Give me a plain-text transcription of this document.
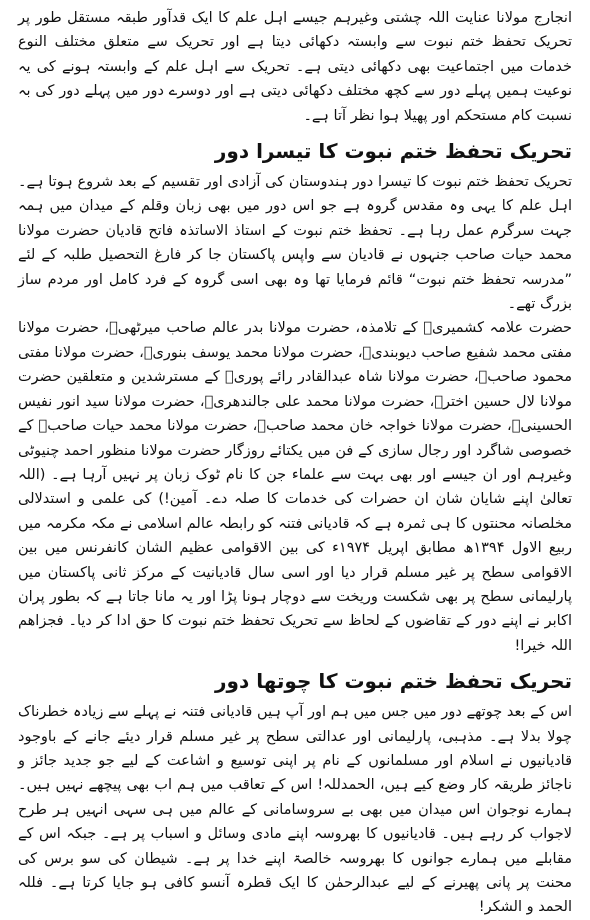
انجارج مولانا عنایت اللہ چشتی وغیرہم جیسے اہل علم کا ایک قدآور طبقہ مستقل طور پر تحریک تحفظ ختم نبوت سے وابستہ دکھائی دیتا ہے اور تحریک سے متعلق مختلف النوع خدمات میں اجتماعیت بھی دکھائی دیتی ہے۔ تحریک سے اہل علم کے وابستہ ہونے کی یہ نوعیت ہمیں پہلے دور سے کچھ مختلف دکھائی دیتی ہے اور دوسرے دور میں پہلے دور کی بہ نسبت کام مستحکم اور پھیلا ہوا نظر آتا ہے۔

تحریک تحفظ ختم نبوت کا تیسرا دور

تحریک تحفظ ختم نبوت کا تیسرا دور ہندوستان کی آزادی اور تقسیم کے بعد شروع ہوتا ہے۔ اہل علم کا یہی وہ مقدس گروہ ہے جو اس دور میں بھی زبان وقلم کے میدان میں ہمہ جہت سرگرم عمل رہا ہے۔ تحفظ ختم نبوت کے استاذ الاساتذہ فاتح قادیان حضرت مولانا محمد حیات صاحب جنہوں نے قادیان سے واپس پاکستان جا کر فارغ التحصیل طلبہ کے لئے ”مدرسہ تحفظ ختم نبوت“ قائم فرمایا تھا وہ بھی اسی گروہ کے فرد کامل اور مردم ساز بزرگ تھے۔

حضرت علامہ کشمیریؒ کے تلامذہ، حضرت مولانا بدر عالم صاحب میرٹھیؒ، حضرت مولانا مفتی محمد شفیع صاحب دیوبندیؒ، حضرت مولانا محمد یوسف بنوریؒ، حضرت مولانا مفتی محمود صاحبؒ، حضرت مولانا شاہ عبدالقادر رائے پوریؒ کے مسترشدین و متعلقین حضرت مولانا لال حسین اخترؒ، حضرت مولانا محمد علی جالندھریؒ، حضرت مولانا سید انور نفیس الحسینیؒ، حضرت مولانا خواجہ خان محمد صاحبؒ، حضرت مولانا محمد حیات صاحبؒ کے خصوصی شاگرد اور رجال سازی کے فن میں یکتائے روزگار حضرت مولانا منظور احمد چنیوٹی وغیرہم اور ان جیسے اور بھی بہت سے علماء جن کا نام ٹوک زبان پر نہیں آرہا ہے۔ (اللہ تعالیٰ اپنے شایان شان ان حضرات کی خدمات کا صلہ دے۔ آمین!) کی علمی و استدلالی مخلصانہ محنتوں کا ہی ثمرہ ہے کہ قادیانی فتنہ کو رابطہ عالم اسلامی نے مکہ مکرمہ میں ربیع الاول ۱۳۹۴ھ مطابق اپریل ۱۹۷۴ء کی بین الاقوامی عظیم الشان کانفرنس میں بین الاقوامی سطح پر غیر مسلم قرار دیا اور اسی سال قادیانیت کے مرکز ثانی پاکستان میں پارلیمانی سطح پر بھی شکست وریخت سے دوچار ہونا پڑا اور یہ مانا جاتا ہے کہ بطور پران اکابر نے اپنے دور کے تقاضوں کے لحاظ سے تحریک تحفظ ختم نبوت کا حق ادا کر دیا۔ فجزاھم اللہ خیرا!

تحریک تحفظ ختم نبوت کا چوتھا دور

اس کے بعد چوتھے دور میں جس میں ہم اور آپ ہیں قادیانی فتنہ نے پہلے سے زیادہ خطرناک چولا بدلا ہے۔ مذہبی، پارلیمانی اور عدالتی سطح پر غیر مسلم قرار دیئے جانے کے باوجود قادیانیوں نے اسلام اور مسلمانوں کے نام پر اپنی توسیع و اشاعت کے لیے جو جدید جائز و ناجائز طریقہ کار وضع کیے ہیں، الحمدللہ! اس کے تعاقب میں ہم اب بھی پیچھے نہیں ہیں۔ ہمارے نوجوان اس میدان میں بھی بے سروسامانی کے عالم میں ہی سہی انہیں ہر طرح لاجواب کر رہے ہیں۔ قادیانیوں کا بھروسہ اپنے مادی وسائل و اسباب پر ہے۔ جبکہ اس کے مقابلے میں ہمارے جوانوں کا بھروسہ خالصۃ اپنے خدا پر ہے۔ شیطان کی سو برس کی محنت پر پانی پھیرنے کے لیے عبدالرحمٰن کا ایک قطرہ آنسو کافی ہو جایا کرتا ہے۔ فللہ الحمد و الشکر!
